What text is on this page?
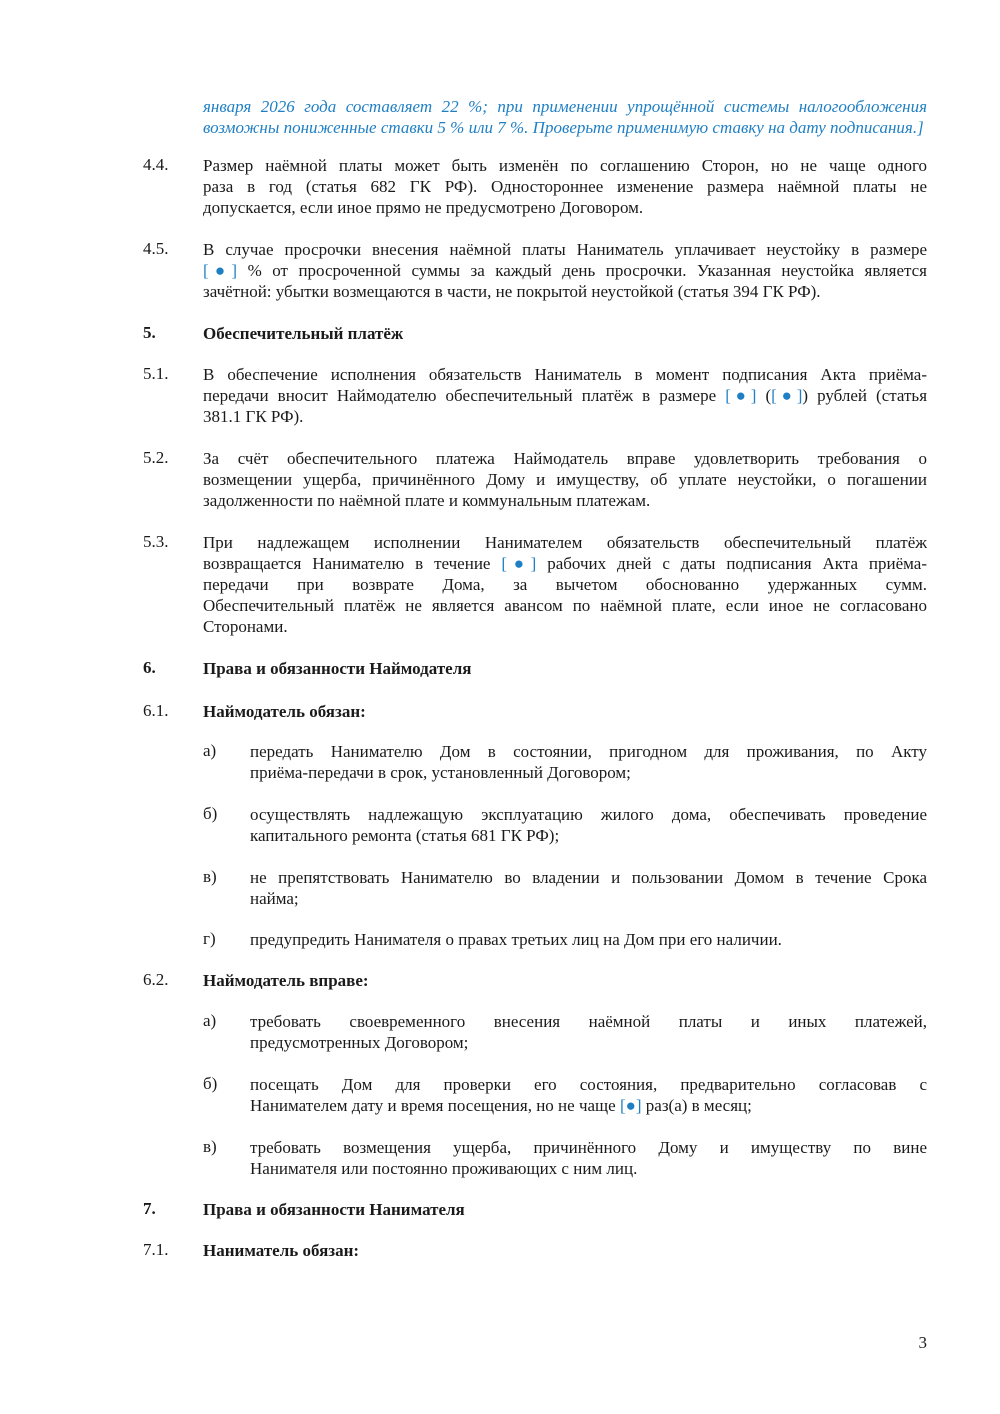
января 2026 года составляет 22 %; при применении упрощённой системы налогообложения
возможны пониженные ставки 5 % или 7 %. Проверьте применимую ставку на дату подписания.]
4.4. Размер наёмной платы может быть изменён по соглашению Сторон, но не чаще одного
раза в год (статья 682 ГК РФ). Одностороннее изменение размера наёмной платы не
допускается, если иное прямо не предусмотрено Договором.
4.5. В случае просрочки внесения наёмной платы Наниматель уплачивает неустойку в размере
[●] % от просроченной суммы за каждый день просрочки. Указанная неустойка является
зачётной: убытки возмещаются в части, не покрытой неустойкой (статья 394 ГК РФ).
5.	Обеспечительный платёж
5.1. В обеспечение исполнения обязательств Наниматель в момент подписания Акта приёма-
передачи вносит Наймодателю обеспечительный платёж в размере [●] ([●]) рублей (статья
381.1 ГК РФ).
5.2. За счёт обеспечительного платежа Наймодатель вправе удовлетворить требования о
возмещении ущерба, причинённого Дому и имуществу, об уплате неустойки, о погашении
задолженности по наёмной плате и коммунальным платежам.
5.3. При надлежащем исполнении Нанимателем обязательств обеспечительный платёж
возвращается Нанимателю в течение [●] рабочих дней с даты подписания Акта приёма-
передачи при возврате Дома, за вычетом обоснованно удержанных сумм.
Обеспечительный платёж не является авансом по наёмной плате, если иное не согласовано
Сторонами.
6.	Права и обязанности Наймодателя
6.1. Наймодатель обязан:
а) передать Нанимателю Дом в состоянии, пригодном для проживания, по Акту
приёма-передачи в срок, установленный Договором;
б) осуществлять надлежащую эксплуатацию жилого дома, обеспечивать проведение
капитального ремонта (статья 681 ГК РФ);
в) не препятствовать Нанимателю во владении и пользовании Домом в течение Срока
найма;
г) предупредить Нанимателя о правах третьих лиц на Дом при его наличии.
6.2. Наймодатель вправе:
а) требовать своевременного внесения наёмной платы и иных платежей,
предусмотренных Договором;
б) посещать Дом для проверки его состояния, предварительно согласовав с
Нанимателем дату и время посещения, но не чаще [●] раз(а) в месяц;
в) требовать возмещения ущерба, причинённого Дому и имуществу по вине
Нанимателя или постоянно проживающих с ним лиц.
7.	Права и обязанности Нанимателя
7.1. Наниматель обязан:
3
